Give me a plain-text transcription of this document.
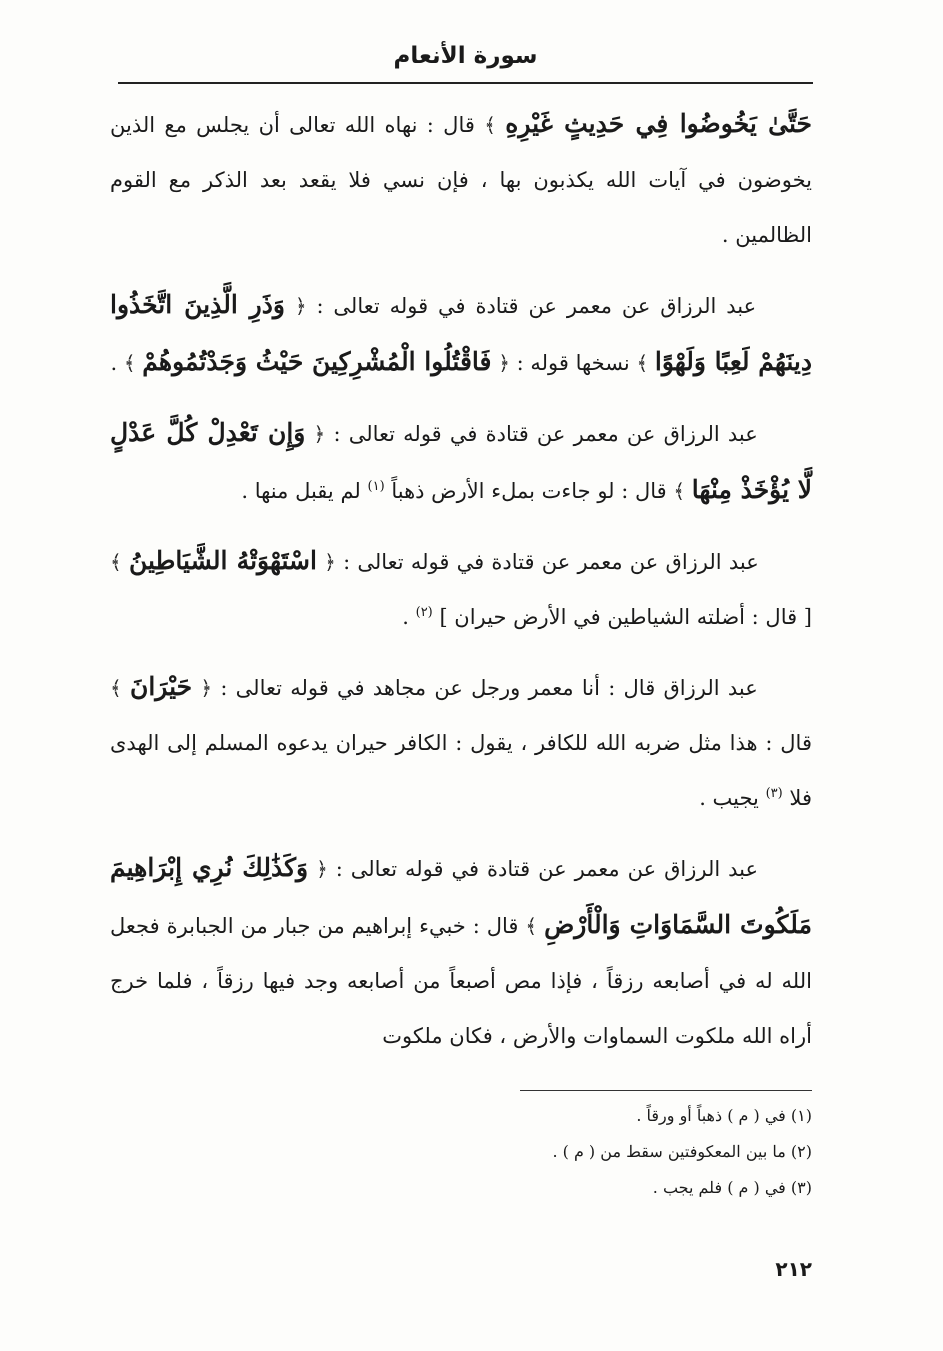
سورة الأنعام

حَتَّىٰ يَخُوضُوا فِي حَدِيثٍ غَيْرِهِ ﴾ قال : نهاه الله تعالى أن يجلس مع الذين يخوضون في آيات الله يكذبون بها ، فإن نسي فلا يقعد بعد الذكر مع القوم الظالمين .

عبد الرزاق عن معمر عن قتادة في قوله تعالى : ﴿ وَذَرِ الَّذِينَ اتَّخَذُوا دِينَهُمْ لَعِبًا وَلَهْوًا ﴾ نسخها قوله : ﴿ فَاقْتُلُوا الْمُشْرِكِينَ حَيْثُ وَجَدْتُمُوهُمْ ﴾ .

عبد الرزاق عن معمر عن قتادة في قوله تعالى : ﴿ وَإِن تَعْدِلْ كُلَّ عَدْلٍ لَّا يُؤْخَذْ مِنْهَا ﴾ قال : لو جاءت بملء الأرض ذهباً $^{(١)}$ لم يقبل منها .

عبد الرزاق عن معمر عن قتادة في قوله تعالى : ﴿ اسْتَهْوَتْهُ الشَّيَاطِينُ ﴾ [ قال : أضلته الشياطين في الأرض حيران ] $^{(٢)}$ .

عبد الرزاق قال : أنا معمر ورجل عن مجاهد في قوله تعالى : ﴿ حَيْرَانَ ﴾ قال : هذا مثل ضربه الله للكافر ، يقول : الكافر حيران يدعوه المسلم إلى الهدى فلا $^{(٣)}$ يجيب .

عبد الرزاق عن معمر عن قتادة في قوله تعالى : ﴿ وَكَذَٰلِكَ نُرِي إِبْرَاهِيمَ مَلَكُوتَ السَّمَاوَاتِ وَالْأَرْضِ ﴾ قال : خبيء إبراهيم من جبار من الجبابرة فجعل الله له في أصابعه رزقاً ، فإذا مص أصبعاً من أصابعه وجد فيها رزقاً ، فلما خرج أراه الله ملكوت السماوات والأرض ، فكان ملكوت

(١) في ( م ) ذهباً أو ورقاً .

(٢) ما بين المعكوفتين سقط من ( م ) .

(٣) في ( م ) فلم يجب .

٢١٢
